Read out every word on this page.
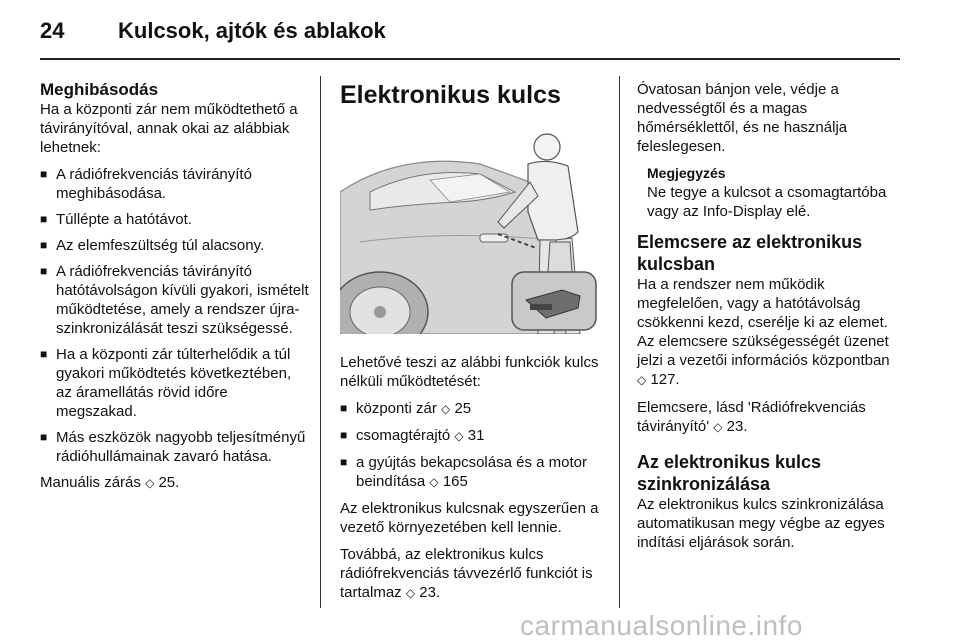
24 Kulcsok, ajtók és ablakok
Meghibásodás

Ha a központi zár nem működtethető a távirányítóval, annak okai az alábbiak lehetnek:

■ A rádiófrekvenciás távirányító meghibásodása.
■ Túllépte a hatótávot.
■ Az elemfeszültség túl alacsony.
■ A rádiófrekvenciás távirányító hatótávolságon kívüli gyakori, ismételt működtetése, amely a rendszer újra-szinkronizálását teszi szükségessé.
■ Ha a központi zár túlterhelődik a túl gyakori működtetés következtében, az áramellátás rövid időre megszakad.
■ Más eszközök nagyobb teljesítményű rádióhullámainak zavaró hatása.

Manuális zárás ◇ 25.

Elektronikus kulcs

Lehetővé teszi az alábbi funkciók kulcs nélküli működtetését:

■ központi zár ◇ 25
■ csomagtérajtó ◇ 31
■ a gyújtás bekapcsolása és a motor beindítása ◇ 165

Az elektronikus kulcsnak egyszerűen a vezető környezetében kell lennie.

Továbbá, az elektronikus kulcs rádiófrekvenciás távvezérlő funkciót is tartalmaz ◇ 23.

Óvatosan bánjon vele, védje a nedvességtől és a magas hőmérséklettől, és ne használja feleslegesen.

Megjegyzés
Ne tegye a kulcsot a csomagtartóba vagy az Info-Display elé.
Elemcsere az elektronikus kulcsban

Ha a rendszer nem működik megfelelően, vagy a hatótávolság csökkenni kezd, cserélje ki az elemet. Az elemcsere szükségességét üzenet jelzi a vezetői információs központban ◇ 127.

Elemcsere, lásd 'Rádiófrekvenciás távirányító' ◇ 23.

Az elektronikus kulcs szinkronizálása

Az elektronikus kulcs szinkronizálása automatikusan megy végbe az egyes indítási eljárások során.

carmanualsonline.info
